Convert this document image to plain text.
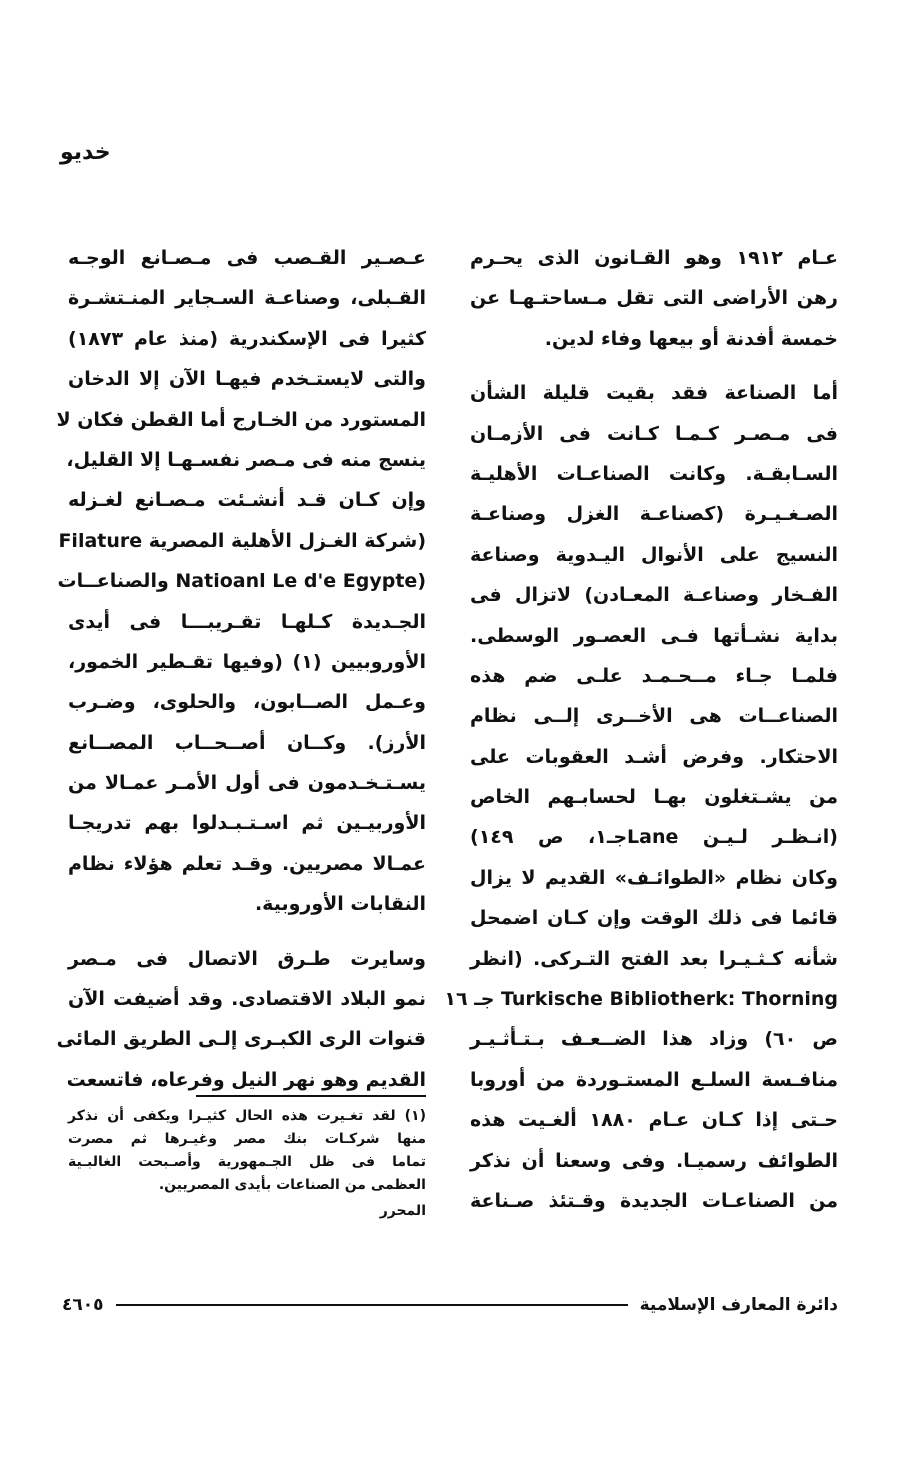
خديو
عـام ١٩١٢ وهو القـانون الذى يحـرم
رهن الأراضى التى تقل مـساحتـهـا عن
خمسة أفدنة أو بيعها وفاء لدين.
أما الصناعة فقد بقيت قليلة الشأن
فى مـصـر كـمـا كـانت فى الأزمـان
السـابقـة. وكانت الصناعـات الأهليـة
الصـغـيـرة (كصناعـة الغزل وصناعـة
النسيج على الأنوال اليـدوية وصناعة
الفـخار وصناعـة المعـادن) لاتزال فى
بداية نشـأتها فـى العصـور الوسطى.
فلمـا جـاء مــحـمـد علـى ضم هذه
الصناعــات هى الأخــرى إلــى نظام
الاحتكار. وفرض أشـد العقوبات على
من يشـتغلون بهـا لحسابـهم الخاص
(انـظـر لـيـن Laneجـ١، ص ١٤٩)
وكان نظام «الطوائـف» القديم لا يزال
قائما فى ذلك الوقت وإن كـان اضمحل
شأنه كـثـيـرا بعد الفتح التـركى. (انظر
Turkische Bibliotherk: Thorning جـ ١٦
ص ٦٠) وزاد هذا الضــعـف بـتـأثـيـر
منافـسة السلـع المستـوردة من أوروبا
حـتى إذا كـان عـام ١٨٨٠ ألغـيت هذه
الطوائف رسميـا. وفى وسعنا أن نذكر
من الصناعـات الجديدة وقـتئذ صـناعة
عـصـير القـصب فى مـصـانع الوجـه
القـبلى، وصناعـة السـجاير المنـتشـرة
كثيرا فى الإسكندرية (منذ عام ١٨٧٣)
والتى لايستـخدم فيهـا الآن إلا الدخان
المستورد من الخـارج أما القطن فكان لا
ينسج منه فى مـصر نفسـهـا إلا القليل،
وإن كـان قـد أنشـئت مـصـانع لغـزله
(شركة الغـزل الأهلية المصرية Filature
(Natioanl Le d'e Egypte والصناعــات
الجـديدة كـلهـا تقـريبـــا فى أيدى
الأوروبيين (١) (وفيها تقـطير الخمور،
وعـمل الصــابون، والحلوى، وضـرب
الأرز). وكــان أصــحــاب المصــانع
يسـتـخـدمون فى أول الأمـر عمـالا من
الأوربيـين ثم اسـتـبـدلوا بهم تدريجـا
عمـالا مصريين. وقـد تعلم هؤلاء نظام
النقابات الأوروبية.
وسايرت طـرق الاتصال فى مـصر
نمو البلاد الاقتصادى. وقد أضيفت الآن
قنوات الرى الكبـرى إلـى الطريق المائى
القديم وهو نهر النيل وفرعاه، فاتسعت
(١) لقد تغـيرت هذه الحال كثيـرا ويكفى أن نذكر
منها شركـات بنك مصر وغيـرها ثم مصرت
تماما فى ظل الجـمهورية وأصـبحت الغالبـية
العظمى من الصناعات بأيدى المصريين.
المحرر
دائرة المعارف الإسلامية
٤٦٠٥
